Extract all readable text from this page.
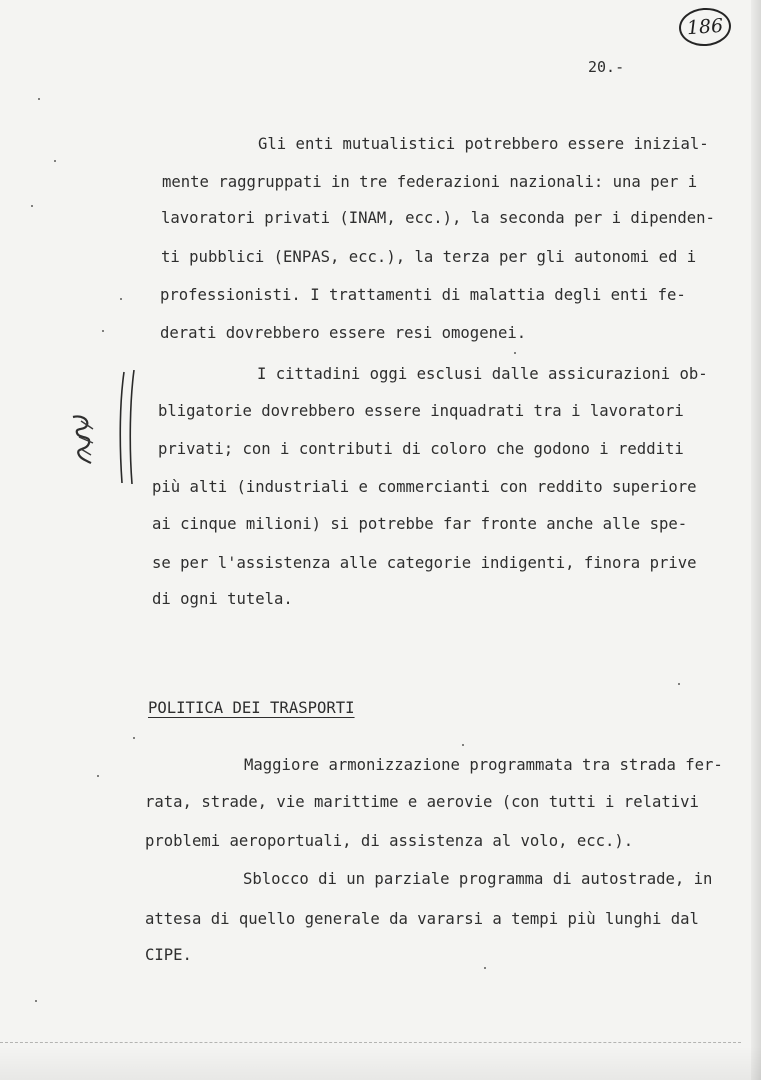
186
20.-

Gli enti mutualistici potrebbero essere inizial-

mente raggruppati in tre federazioni nazionali: una per i

lavoratori privati (INAM, ecc.), la seconda per i dipenden-

ti pubblici (ENPAS, ecc.), la terza per gli autonomi ed i

professionisti. I trattamenti di malattia degli enti fe-

derati dovrebbero essere resi omogenei.

I cittadini oggi esclusi dalle assicurazioni ob-

bligatorie dovrebbero essere inquadrati tra i lavoratori

privati; con i contributi di coloro che godono i redditi

più alti (industriali e commercianti con reddito superiore

ai cinque milioni) si potrebbe far fronte anche alle spe-

se per l'assistenza alle categorie indigenti, finora prive

di ogni tutela.

POLITICA DEI TRASPORTI

Maggiore armonizzazione programmata tra strada fer-

rata, strade, vie marittime e aerovie (con tutti i relativi

problemi aeroportuali, di assistenza al volo, ecc.).

Sblocco di un parziale programma di autostrade, in

attesa di quello generale da vararsi a tempi più lunghi dal

CIPE.
